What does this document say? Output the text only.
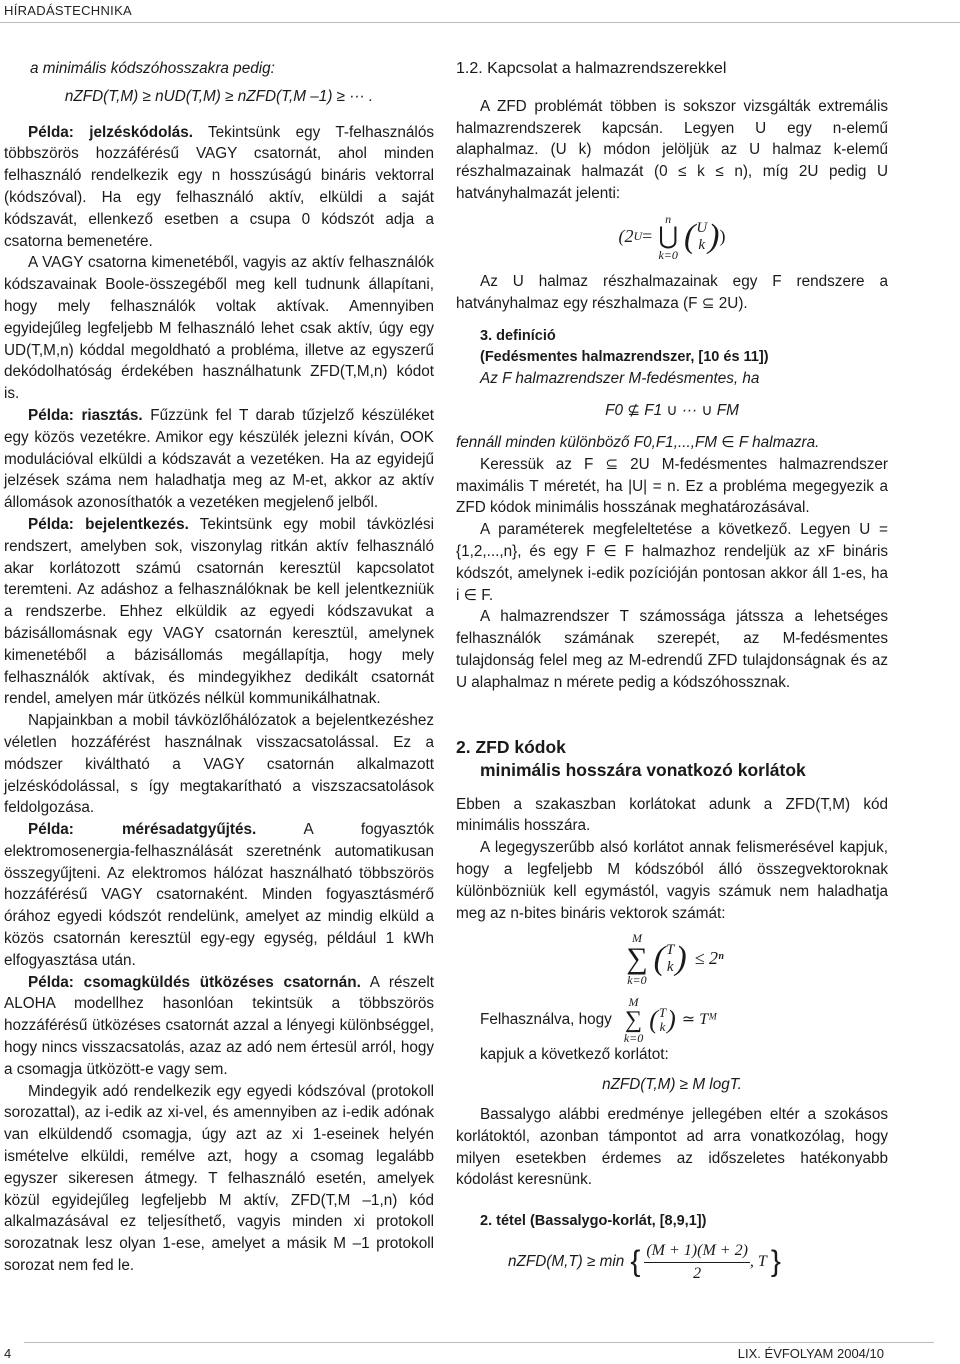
HÍRADÁSTECHNIKA

a minimális kódszóhosszakra pedig:

nZFD(T,M) ≥ nUD(T,M) ≥ nZFD(T,M –1) ≥ ··· .

Példa: jelzéskódolás. Tekintsünk egy T-felhasználós többszörös hozzáférésű VAGY csatornát, ahol minden felhasználó rendelkezik egy n hosszúságú bináris vektorral (kódszóval). Ha egy felhasználó aktív, elküldi a saját kódszavát, ellenkező esetben a csupa 0 kódszót adja a csatorna bemenetére.

A VAGY csatorna kimenetéből, vagyis az aktív felhasználók kódszavainak Boole-összegéből meg kell tudnunk állapítani, hogy mely felhasználók voltak aktívak. Amennyiben egyidejűleg legfeljebb M felhasználó lehet csak aktív, úgy egy UD(T,M,n) kóddal megoldható a probléma, illetve az egyszerű dekódolhatóság érdekében használhatunk ZFD(T,M,n) kódot is.

Példa: riasztás. Fűzzünk fel T darab tűzjelző készüléket egy közös vezetékre. Amikor egy készülék jelezni kíván, OOK modulációval elküldi a kódszavát a vezetéken. Ha az egyidejű jelzések száma nem haladhatja meg az M-et, akkor az aktív állomások azonosíthatók a vezetéken megjelenő jelből.

Példa: bejelentkezés. Tekintsünk egy mobil távközlési rendszert, amelyben sok, viszonylag ritkán aktív felhasználó akar korlátozott számú csatornán keresztül kapcsolatot teremteni. Az adáshoz a felhasználóknak be kell jelentkezniük a rendszerbe. Ehhez elküldik az egyedi kódszavukat a bázisállomásnak egy VAGY csatornán keresztül, amelynek kimenetéből a bázisállomás megállapítja, hogy mely felhasználók aktívak, és mindegyikhez dedikált csatornát rendel, amelyen már ütközés nélkül kommunikálhatnak.

Napjainkban a mobil távközlőhálózatok a bejelentkezéshez véletlen hozzáférést használnak visszacsatolással. Ez a módszer kiváltható a VAGY csatornán alkalmazott jelzéskódolással, s így megtakarítható a viszszacsatolások feldolgozása.

Példa: mérésadatgyűjtés. A fogyasztók elektromosenergia-felhasználását szeretnénk automatikusan összegyűjteni. Az elektromos hálózat használható többszörös hozzáférésű VAGY csatornaként. Minden fogyasztásmérő órához egyedi kódszót rendelünk, amelyet az mindig elküld a közös csatornán keresztül egy-egy egység, például 1 kWh elfogyasztása után.

Példa: csomagküldés ütközéses csatornán. A részelt ALOHA modellhez hasonlóan tekintsük a többszörös hozzáférésű ütközéses csatornát azzal a lényegi különbséggel, hogy nincs visszacsatolás, azaz az adó nem értesül arról, hogy a csomagja ütközött-e vagy sem.

Mindegyik adó rendelkezik egy egyedi kódszóval (protokoll sorozattal), az i-edik az xi-vel, és amennyiben az i-edik adónak van elküldendő csomagja, úgy azt az xi 1-eseinek helyén ismételve elküldi, remélve azt, hogy a csomag legalább egyszer sikeresen átmegy. T felhasználó esetén, amelyek közül egyidejűleg legfeljebb M aktív, ZFD(T,M –1,n) kód alkalmazásával ez teljesíthető, vagyis minden xi protokoll sorozatnak lesz olyan 1-ese, amelyet a másik M –1 protokoll sorozat nem fed le.

1.2. Kapcsolat a halmazrendszerekkel

A ZFD problémát többen is sokszor vizsgálták extremális halmazrendszerek kapcsán. Legyen U egy n-elemű alaphalmaz. (U k) módon jelöljük az U halmaz k-elemű részhalmazainak halmazát (0 ≤ k ≤ n), míg 2U pedig U hatványhalmazát jelenti:

(2 U =
n
⋃
k=0 ( U
k ) )

Az U halmaz részhalmazainak egy F rendszere a hatványhalmaz egy részhalmaza (F ⊆ 2U).

3. definíció
(Fedésmentes halmazrendszer, [10 és 11])
Az F halmazrendszer M-fedésmentes, ha

F0 ⊈ F1 ∪ ··· ∪ FM

fennáll minden különböző F0,F1,...,FM ∈ F halmazra.

Keressük az F ⊆ 2U M-fedésmentes halmazrendszer maximális T méretét, ha |U| = n. Ez a probléma megegyezik a ZFD kódok minimális hosszának meghatározásával.

A paraméterek megfeleltetése a következő. Legyen U = {1,2,...,n}, és egy F ∈ F halmazhoz rendeljük az xF bináris kódszót, amelynek i-edik pozícióján pontosan akkor áll 1-es, ha i ∈ F.

A halmazrendszer T számossága játssza a lehetséges felhasználók számának szerepét, az M-fedésmentes tulajdonság felel meg az M-edrendű ZFD tulajdonságnak és az U alaphalmaz n mérete pedig a kódszóhossznak.

2. ZFD kódok
minimális hosszára vonatkozó korlátok

Ebben a szakaszban korlátokat adunk a ZFD(T,M) kód minimális hosszára.

A legegyszerűbb alsó korlátot annak felismerésével kapjuk, hogy a legfeljebb M kódszóból álló összegvektoroknak különbözniük kell egymástól, vagyis számuk nem haladhatja meg az n-bites bináris vektorok számát:

M
∑
k=0
( T
k ) ≤ 2ⁿ
Felhasználva, hogy
M
∑
k=0
( T
k ) ≃ Tᴹ
kapjuk a következő korlátot:

nZFD(T,M) ≥ M logT.

Bassalygo alábbi eredménye jellegében eltér a szokásos korlátoktól, azonban támpontot ad arra vonatkozólag, hogy milyen esetekben érdemes az időszeletes hatékonyabb kódolást keresnünk.

2. tétel (Bassalygo-korlát, [8,9,1])
nZFD(M,T) ≥ min { $\frac{(M + 1)(M + 2)}{2}$ , T }
4	LIX. ÉVFOLYAM 2004/10
